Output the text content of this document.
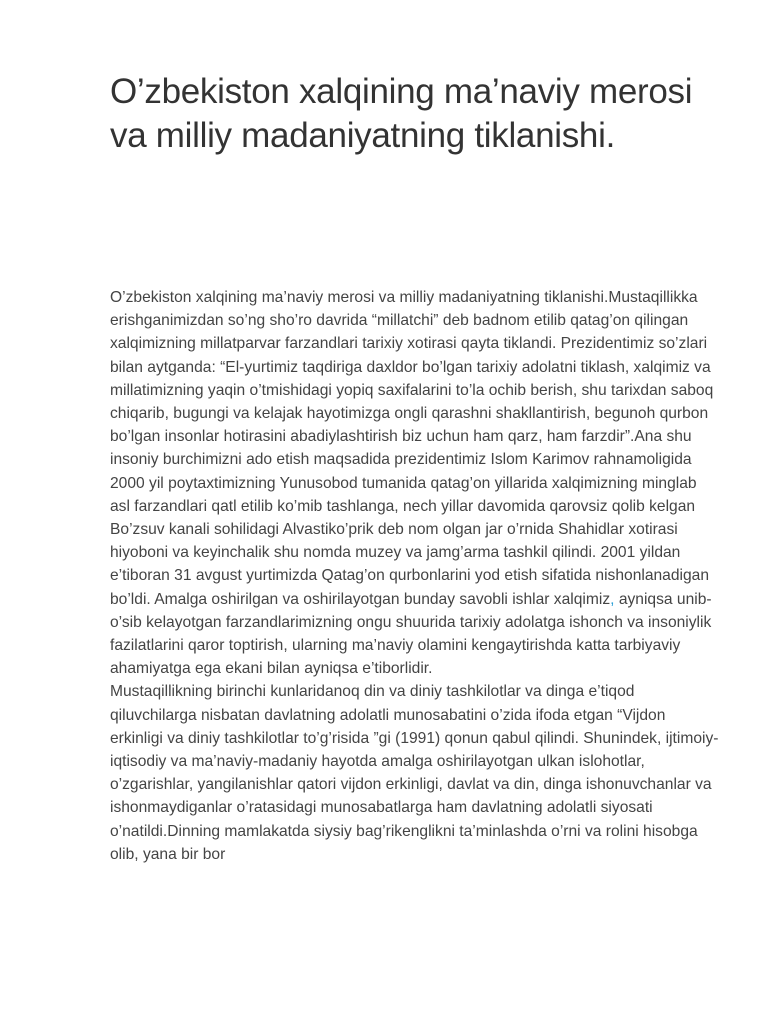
O’zbekiston xalqining ma’naviy merosi va milliy madaniyatning tiklanishi.

O’zbekiston xalqining ma’naviy merosi va milliy madaniyatning tiklanishi.Mustaqillikka erishganimizdan so’ng sho’ro davrida “millatchi” deb badnom etilib qatag’on qilingan xalqimizning millatparvar farzandlari tarixiy xotirasi qayta tiklandi. Prezidentimiz so’zlari bilan aytganda: “El-yurtimiz taqdiriga daxldor bo’lgan tarixiy adolatni tiklash, xalqimiz va millatimizning yaqin o’tmishidagi yopiq saxifalarini to’la ochib berish, shu tarixdan saboq chiqarib, bugungi va kelajak hayotimizga ongli qarashni shakllantirish, begunoh qurbon bo’lgan insonlar hotirasini abadiylashtirish biz uchun ham qarz, ham farzdir”.Ana shu insoniy burchimizni ado etish maqsadida prezidentimiz Islom Karimov rahnamoligida 2000 yil poytaxtimizning Yunusobod tumanida qatag’on yillarida xalqimizning minglab asl farzandlari qatl etilib ko’mib tashlanga, nech yillar davomida qarovsiz qolib kelgan Bo’zsuv kanali sohilidagi Alvastiko’prik deb nom olgan jar o’rnida Shahidlar xotirasi hiyoboni va keyinchalik shu nomda muzey va jamg’arma tashkil qilindi. 2001 yildan e’tiboran 31 avgust yurtimizda Qatag’on qurbonlarini yod etish sifatida nishonlanadigan bo’ldi. Amalga oshirilgan va oshirilayotgan bunday savobli ishlar xalqimiz, ayniqsa unib-o’sib kelayotgan farzandlarimizning ongu shuurida tarixiy adolatga ishonch va insoniylik fazilatlarini qaror toptirish, ularning ma’naviy olamini kengaytirishda katta tarbiyaviy ahamiyatga ega ekani bilan ayniqsa e’tiborlidir.

Mustaqillikning birinchi kunlaridanoq din va diniy tashkilotlar va dinga e’tiqod qiluvchilarga nisbatan davlatning adolatli munosabatini o’zida ifoda etgan “Vijdon erkinligi va diniy tashkilotlar to’g’risida ”gi (1991) qonun qabul qilindi. Shunindek, ijtimoiy-iqtisodiy va ma’naviy-madaniy hayotda amalga oshirilayotgan ulkan islohotlar, o’zgarishlar, yangilanishlar qatori vijdon erkinligi, davlat va din, dinga ishonuvchanlar va ishonmaydiganlar o’ratasidagi munosabatlarga ham davlatning adolatli siyosati o’natildi.Dinning mamlakatda siysiy bag’rikenglikni ta’minlashda o’rni va rolini hisobga olib, yana bir bor
